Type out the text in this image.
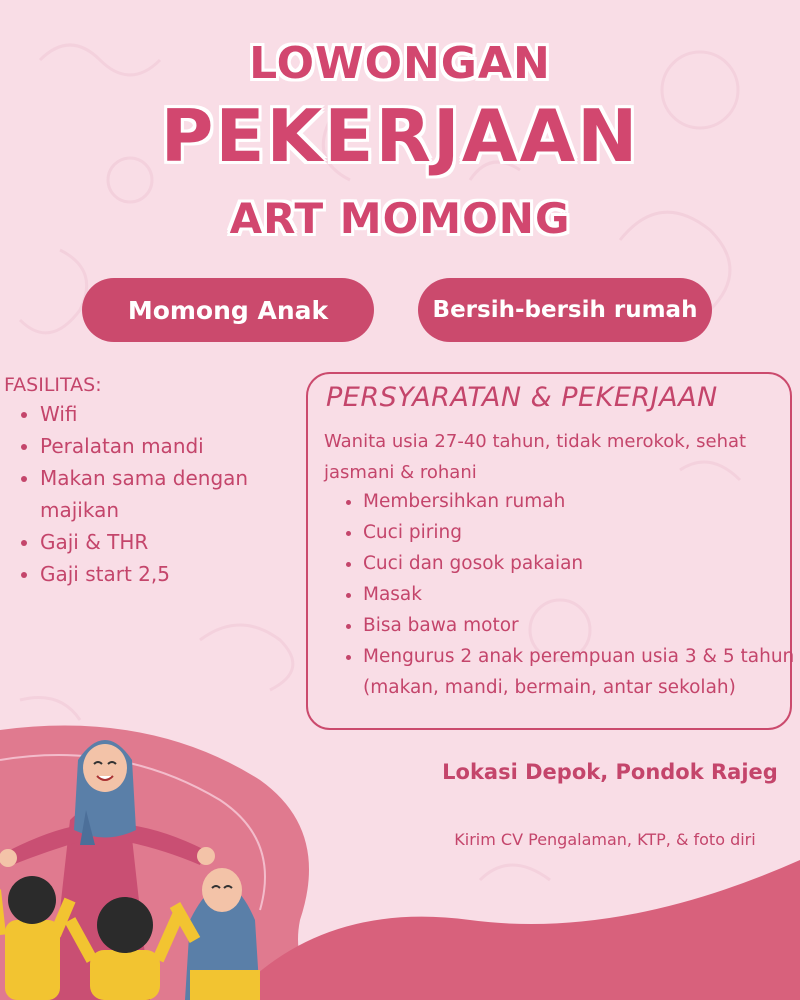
LOWONGAN
PEKERJAAN
ART MOMONG
Momong Anak	Bersih-bersih rumah
FASILITAS:
• Wifi
• Peralatan mandi
• Makan sama dengan majikan
• Gaji & THR
• Gaji start 2,5
PERSYARATAN & PEKERJAAN
Wanita usia 27-40 tahun, tidak merokok, sehat jasmani & rohani
• Membersihkan rumah
• Cuci piring
• Cuci dan gosok pakaian
• Masak
• Bisa bawa motor
• Mengurus 2 anak perempuan usia 3 & 5 tahun (makan, mandi, bermain, antar sekolah)
Lokasi Depok, Pondok Rajeg
Kirim CV Pengalaman, KTP, & foto diri
